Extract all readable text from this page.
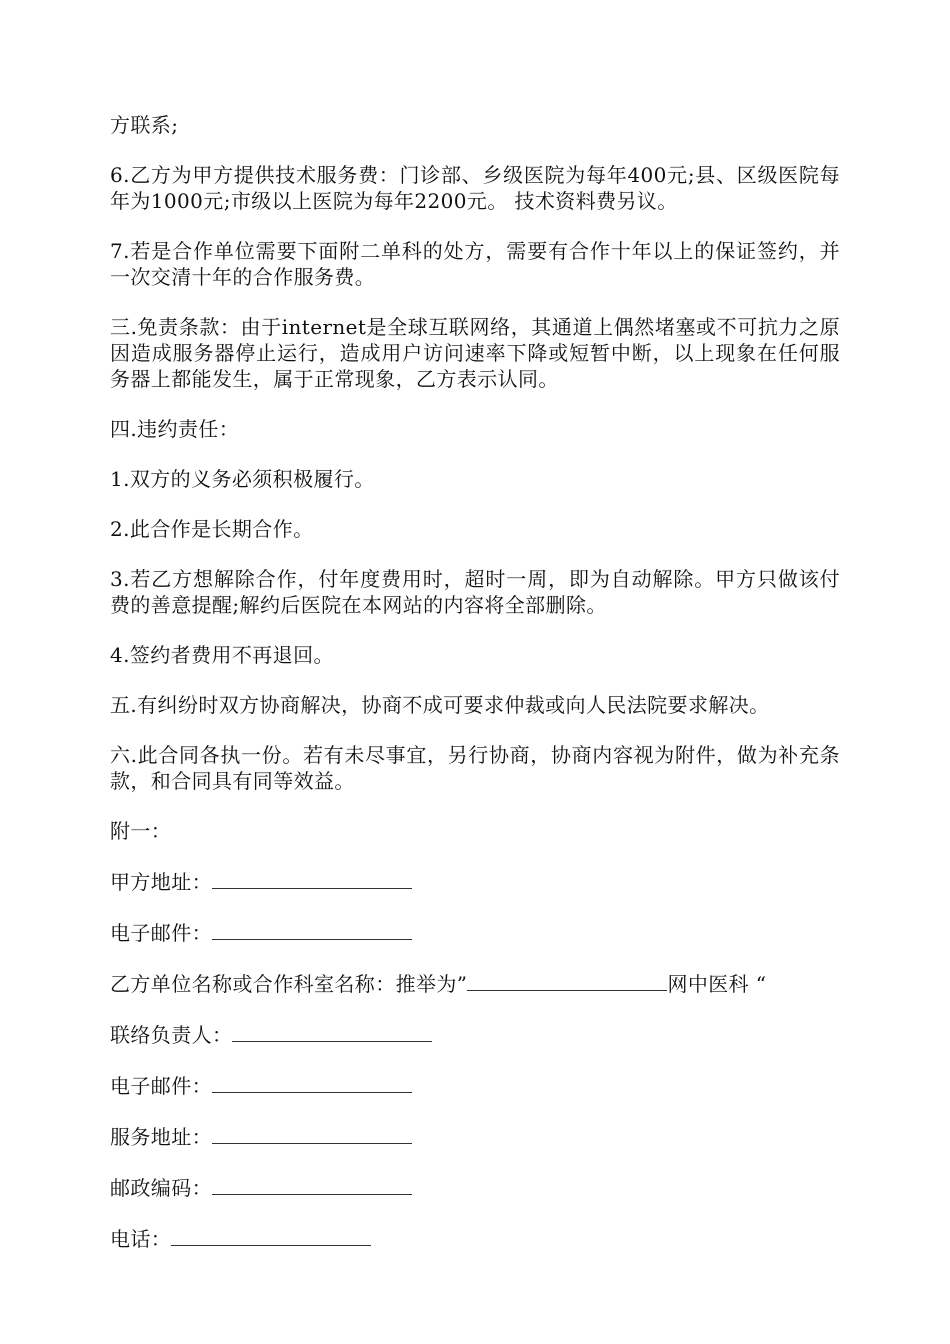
方联系;

6.乙方为甲方提供技术服务费：门诊部、乡级医院为每年400元;县、区级医院每年为1000元;市级以上医院为每年2200元。 技术资料费另议。

7.若是合作单位需要下面附二单科的处方，需要有合作十年以上的保证签约，并一次交清十年的合作服务费。

三.免责条款：由于internet是全球互联网络，其通道上偶然堵塞或不可抗力之原因造成服务器停止运行，造成用户访问速率下降或短暂中断，以上现象在任何服务器上都能发生，属于正常现象，乙方表示认同。

四.违约责任：

1.双方的义务必须积极履行。

2.此合作是长期合作。

3.若乙方想解除合作，付年度费用时，超时一周，即为自动解除。甲方只做该付费的善意提醒;解约后医院在本网站的内容将全部删除。

4.签约者费用不再退回。

五.有纠纷时双方协商解决，协商不成可要求仲裁或向人民法院要求解决。

六.此合同各执一份。若有未尽事宜，另行协商，协商内容视为附件，做为补充条款，和合同具有同等效益。

附一：

甲方地址：
电子邮件：
乙方单位名称或合作科室名称：推举为”	网中医科 “
联络负责人：
电子邮件：
服务地址：
邮政编码：
电话：
